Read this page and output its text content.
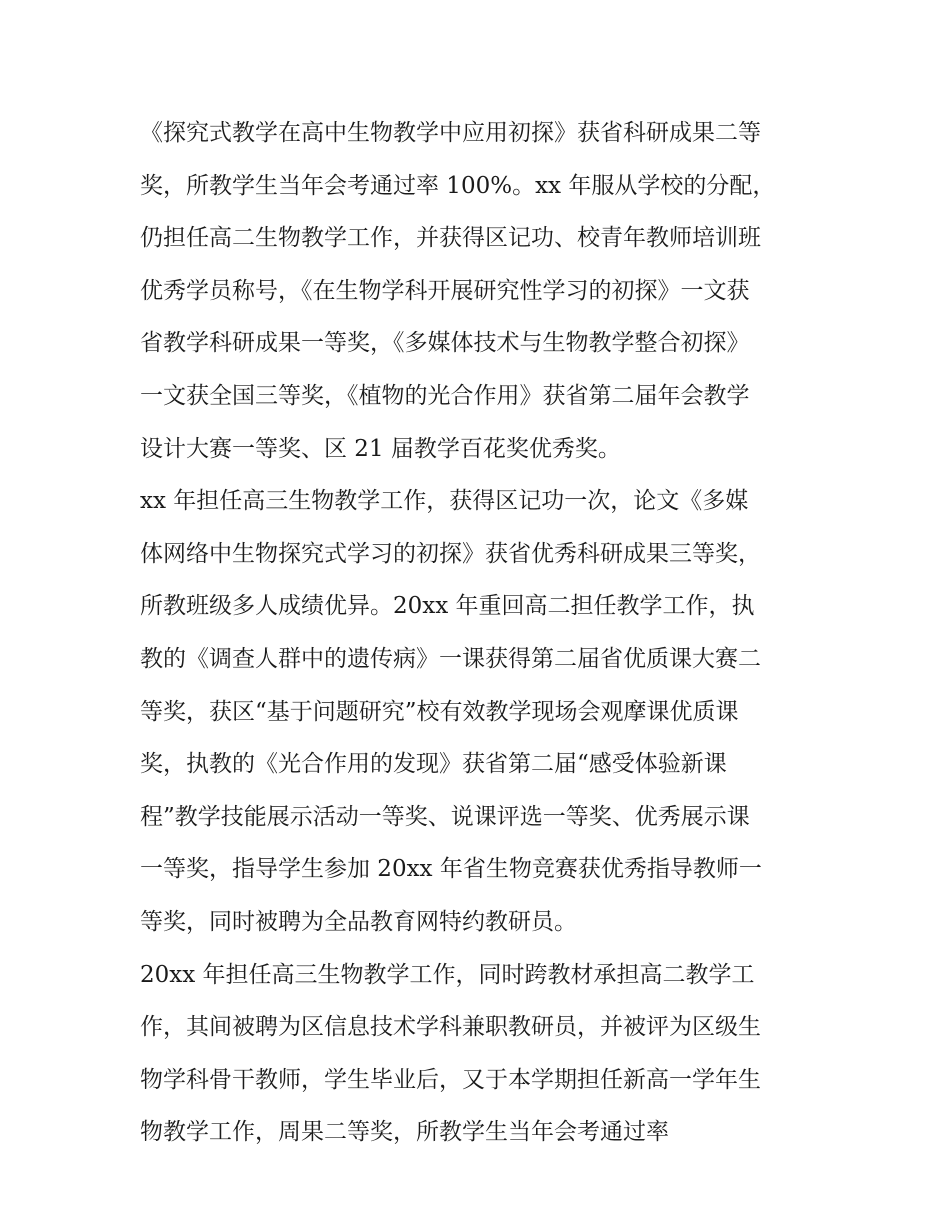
《探究式教学在高中生物教学中应用初探》获省科研成果二等
奖，所教学生当年会考通过率 100%。xx 年服从学校的分配，
仍担任高二生物教学工作，并获得区记功、校青年教师培训班
优秀学员称号，《在生物学科开展研究性学习的初探》一文获
省教学科研成果一等奖，《多媒体技术与生物教学整合初探》
一文获全国三等奖，《植物的光合作用》获省第二届年会教学
设计大赛一等奖、区 21 届教学百花奖优秀奖。
xx 年担任高三生物教学工作，获得区记功一次，论文《多媒
体网络中生物探究式学习的初探》获省优秀科研成果三等奖，
所教班级多人成绩优异。20xx 年重回高二担任教学工作，执
教的《调查人群中的遗传病》一课获得第二届省优质课大赛二
等奖，获区“基于问题研究”校有效教学现场会观摩课优质课
奖，执教的《光合作用的发现》获省第二届“感受体验新课
程”教学技能展示活动一等奖、说课评选一等奖、优秀展示课
一等奖，指导学生参加 20xx 年省生物竞赛获优秀指导教师一
等奖，同时被聘为全品教育网特约教研员。
20xx 年担任高三生物教学工作，同时跨教材承担高二教学工
作，其间被聘为区信息技术学科兼职教研员，并被评为区级生
物学科骨干教师，学生毕业后，又于本学期担任新高一学年生
物教学工作，周果二等奖，所教学生当年会考通过率
